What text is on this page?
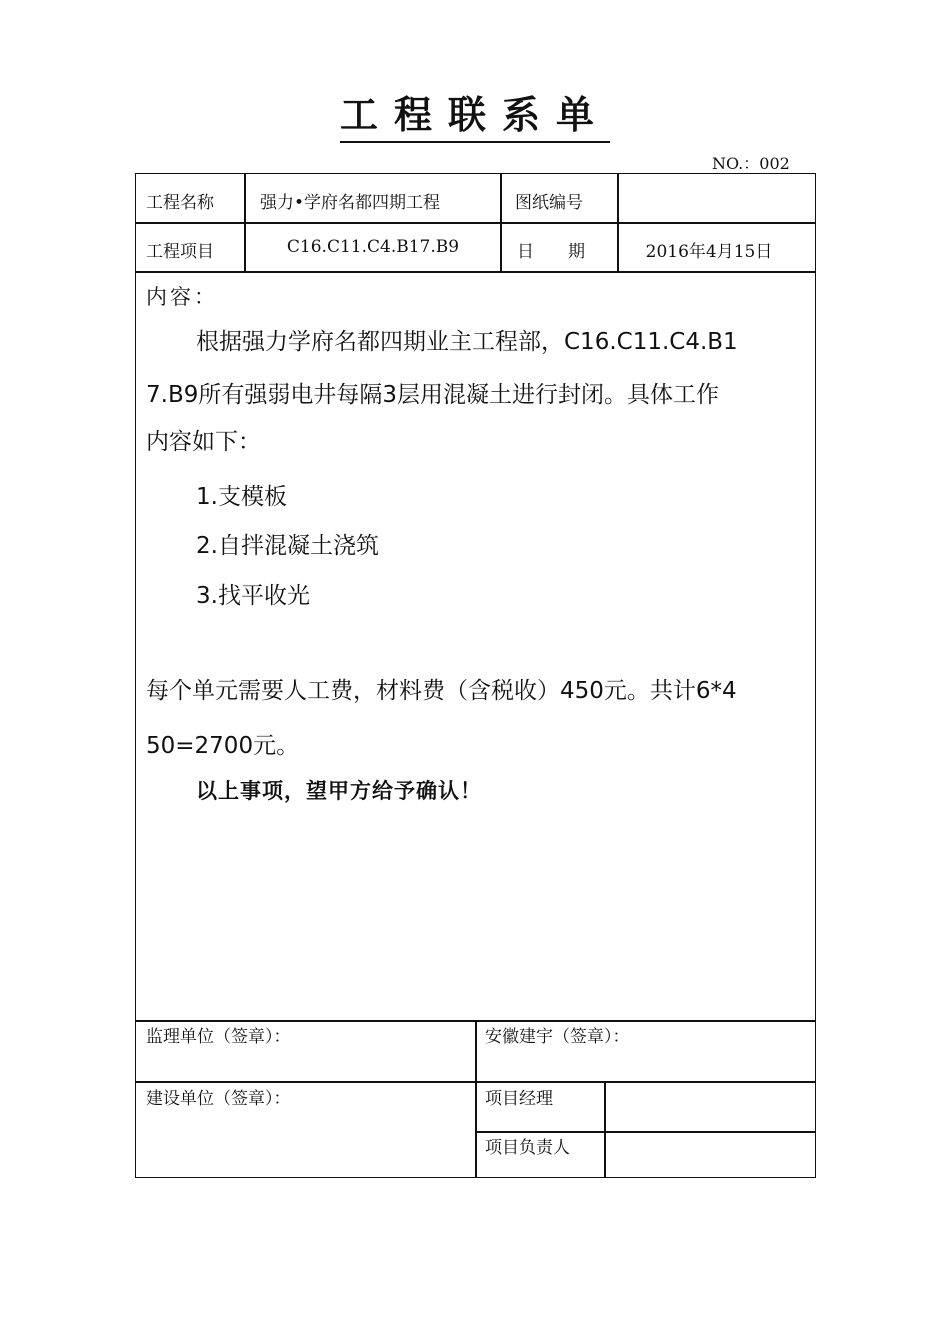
工程联系单
NO.：002
工程名称	强力•学府名都四期工程	图纸编号
工程项目	C16.C11.C4.B17.B9	日　　期	2016年4月15日
内容：
根据强力学府名都四期业主工程部，C16.C11.C4.B1
7.B9所有强弱电井每隔3层用混凝土进行封闭。具体工作
内容如下：
1.支模板
2.自拌混凝土浇筑
3.找平收光
每个单元需要人工费，材料费（含税收）450元。共计6*4
50=2700元。
以上事项，望甲方给予确认！
监理单位（签章）：	安徽建宇（签章）：
建设单位（签章）：	项目经理
项目负责人
